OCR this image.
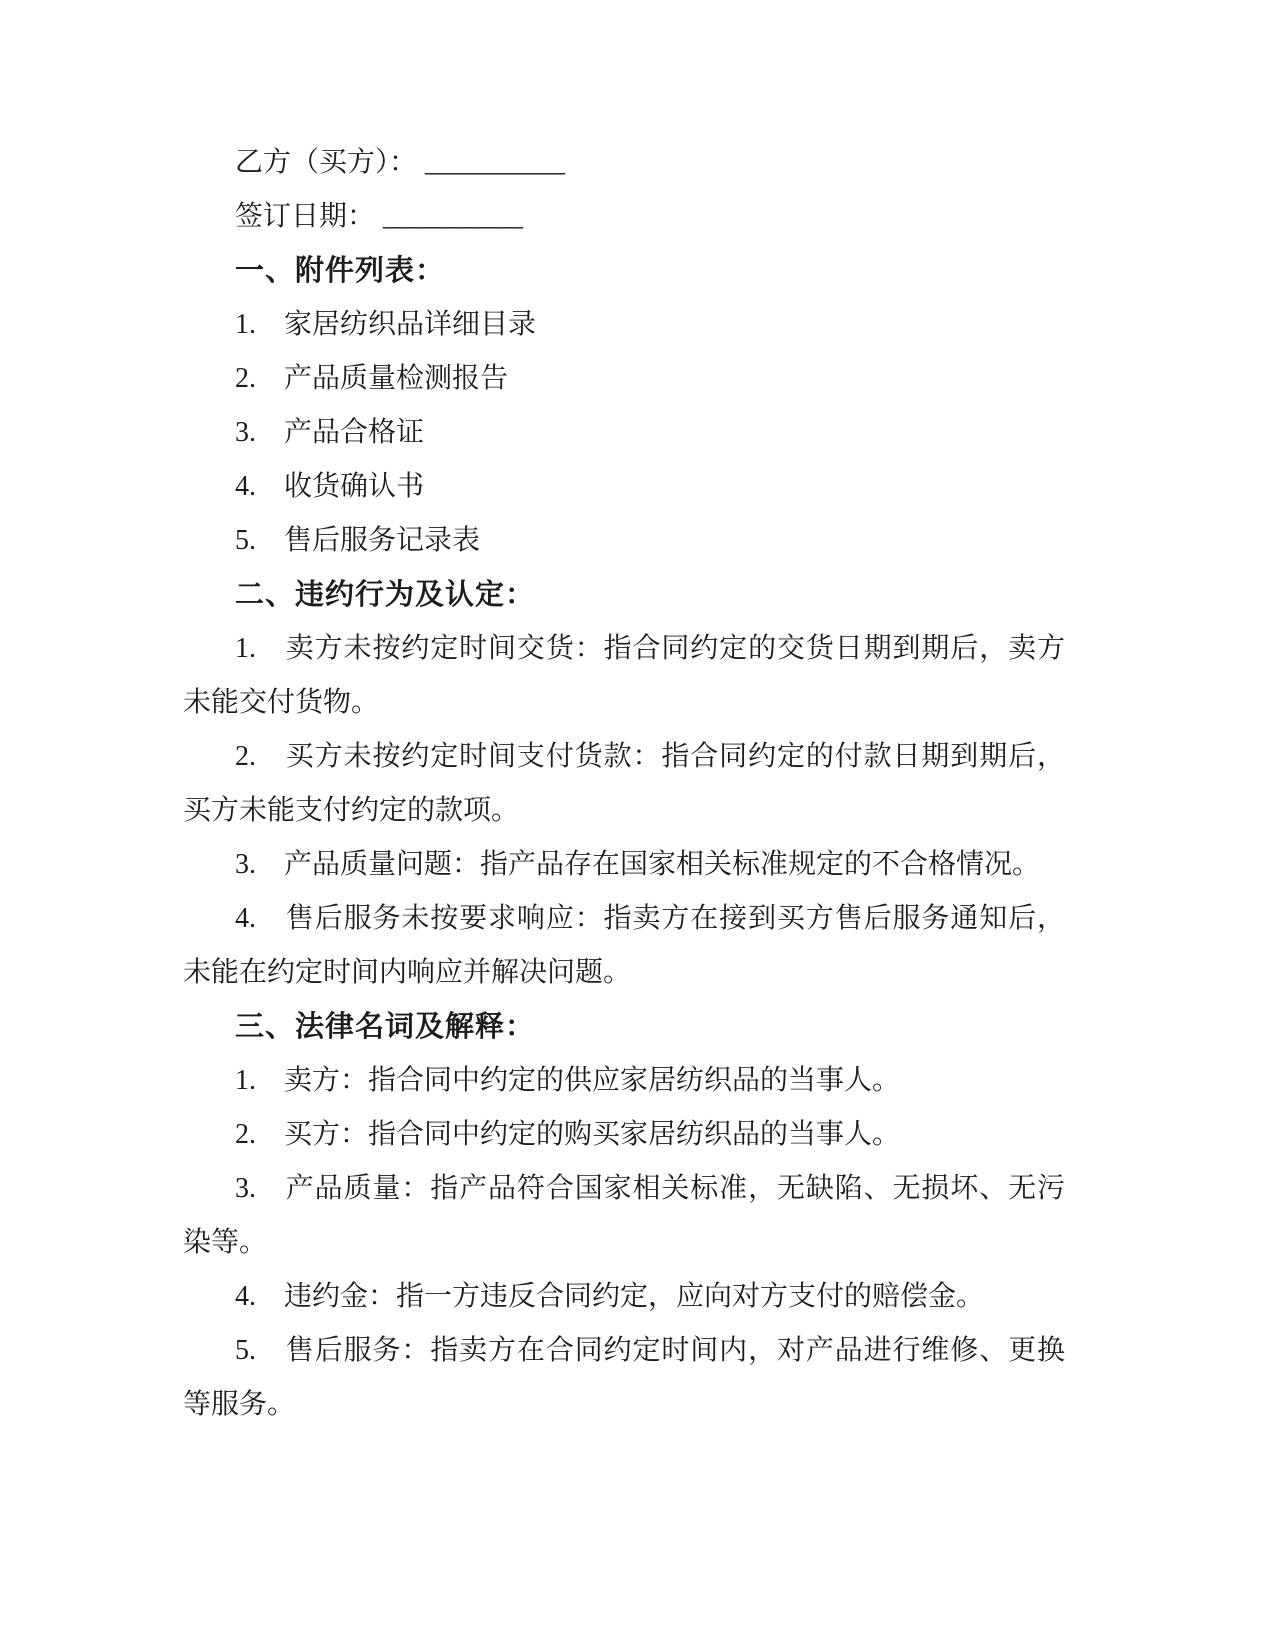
乙方（买方）： __________

签订日期： __________

一、附件列表：

1.　家居纺织品详细目录

2.　产品质量检测报告

3.　产品合格证

4.　收货确认书

5.　售后服务记录表

二、违约行为及认定：

1.　卖方未按约定时间交货：指合同约定的交货日期到期后，卖方未能交付货物。

2.　买方未按约定时间支付货款：指合同约定的付款日期到期后，买方未能支付约定的款项。

3.　产品质量问题：指产品存在国家相关标准规定的不合格情况。

4.　售后服务未按要求响应：指卖方在接到买方售后服务通知后，未能在约定时间内响应并解决问题。

三、法律名词及解释：

1.　卖方：指合同中约定的供应家居纺织品的当事人。

2.　买方：指合同中约定的购买家居纺织品的当事人。

3.　产品质量：指产品符合国家相关标准，无缺陷、无损坏、无污染等。

4.　违约金：指一方违反合同约定，应向对方支付的赔偿金。

5.　售后服务：指卖方在合同约定时间内，对产品进行维修、更换等服务。
